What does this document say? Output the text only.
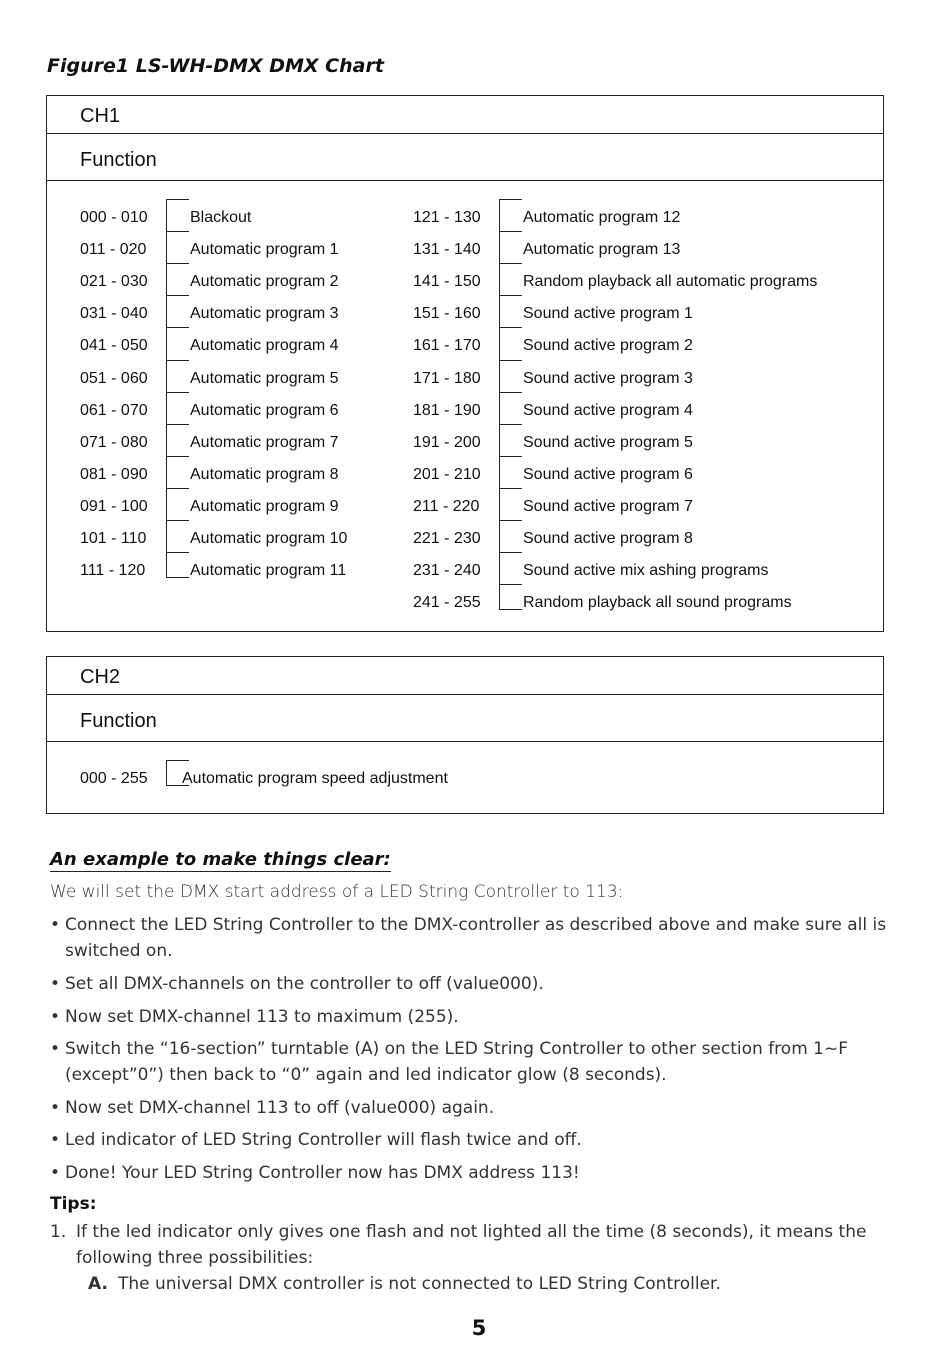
Figure1 LS-WH-DMX DMX Chart
CH1
Function
000 - 010	Blackout
011 - 020	Automatic program 1
021 - 030	Automatic program 2
031 - 040	Automatic program 3
041 - 050	Automatic program 4
051 - 060	Automatic program 5
061 - 070	Automatic program 6
071 - 080	Automatic program 7
081 - 090	Automatic program 8
091 - 100	Automatic program 9
101 - 110	Automatic program 10
111 - 120	Automatic program 11
121 - 130	Automatic program 12
131 - 140	Automatic program 13
141 - 150	Random playback all automatic programs
151 - 160	Sound active program 1
161 - 170	Sound active program 2
171 - 180	Sound active program 3
181 - 190	Sound active program 4
191 - 200	Sound active program 5
201 - 210	Sound active program 6
211 - 220	Sound active program 7
221 - 230	Sound active program 8
231 - 240	Sound active mix ashing programs
241 - 255	Random playback all sound programs
CH2
Function
000 - 255 Automatic program speed adjustment
An example to make things clear:
We will set the DMX start address of a LED String Controller to 113:
• Connect the LED String Controller to the DMX-controller as described above and make sure all is switched on.
• Set all DMX-channels on the controller to off (value000).
• Now set DMX-channel 113 to maximum (255).
• Switch the “16-section” turntable (A) on the LED String Controller to other section from 1~F (except”0”) then back to “0” again and led indicator glow (8 seconds).
• Now set DMX-channel 113 to off (value000) again.
• Led indicator of LED String Controller will flash twice and off.
• Done! Your LED String Controller now has DMX address 113!
Tips:
1. If the led indicator only gives one flash and not lighted all the time (8 seconds), it means the following three possibilities:
A. The universal DMX controller is not connected to LED String Controller.
5
